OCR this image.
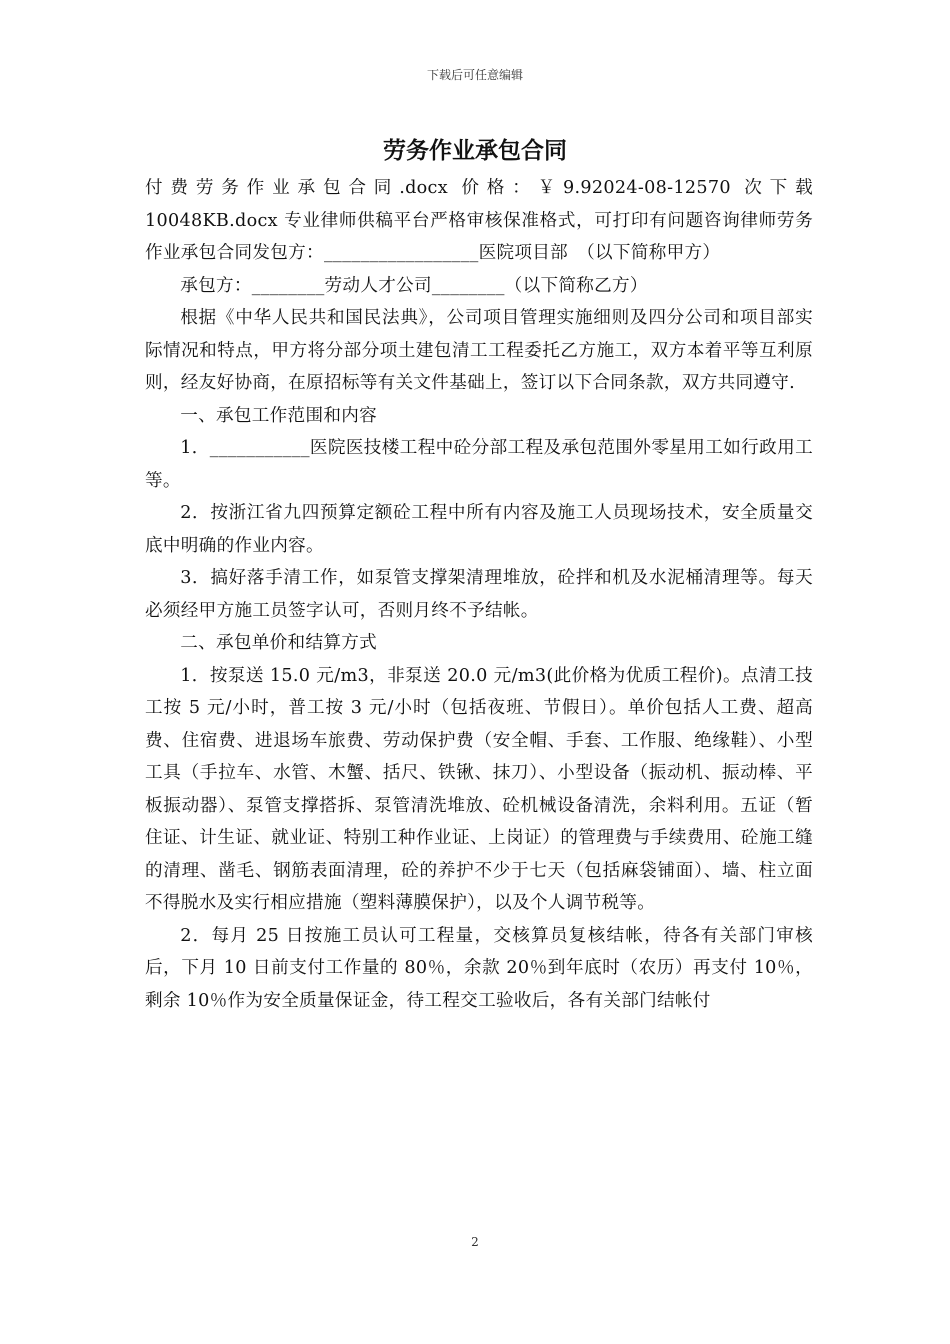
下载后可任意编辑
劳务作业承包合同

付费劳务作业承包合同.docx 价格：￥9.92024-08-12570 次下载 10048KB.docx 专业律师供稿平台严格审核保准格式，可打印有问题咨询律师劳务作业承包合同发包方：_________________医院项目部　（以下简称甲方）

承包方：________劳动人才公司________（以下简称乙方）

根据《中华人民共和国民法典》，公司项目管理实施细则及四分公司和项目部实际情况和特点，甲方将分部分项土建包清工工程委托乙方施工，双方本着平等互利原则，经友好协商，在原招标等有关文件基础上，签订以下合同条款，双方共同遵守.

一、承包工作范围和内容

1．___________医院医技楼工程中砼分部工程及承包范围外零星用工如行政用工等。

2．按浙江省九四预算定额砼工程中所有内容及施工人员现场技术，安全质量交底中明确的作业内容。

3．搞好落手清工作，如泵管支撑架清理堆放，砼拌和机及水泥桶清理等。每天必须经甲方施工员签字认可，否则月终不予结帐。

二、承包单价和结算方式

1．按泵送 15.0 元/m3，非泵送 20.0 元/m3(此价格为优质工程价)。点清工技工按 5 元/小时，普工按 3 元/小时（包括夜班、节假日）。单价包括人工费、超高费、住宿费、进退场车旅费、劳动保护费（安全帽、手套、工作服、绝缘鞋）、小型工具（手拉车、水管、木蟹、括尺、铁锹、抹刀）、小型设备（振动机、振动棒、平板振动器）、泵管支撑搭拆、泵管清洗堆放、砼机械设备清洗，余料利用。五证（暂住证、计生证、就业证、特别工种作业证、上岗证）的管理费与手续费用、砼施工缝的清理、凿毛、钢筋表面清理，砼的养护不少于七天（包括麻袋铺面）、墙、柱立面不得脱水及实行相应措施（塑料薄膜保护），以及个人调节税等。

2．每月 25 日按施工员认可工程量，交核算员复核结帐，待各有关部门审核后，下月 10 日前支付工作量的 80％，余款 20％到年底时（农历）再支付 10％，剩余 10％作为安全质量保证金，待工程交工验收后，各有关部门结帐付

2
